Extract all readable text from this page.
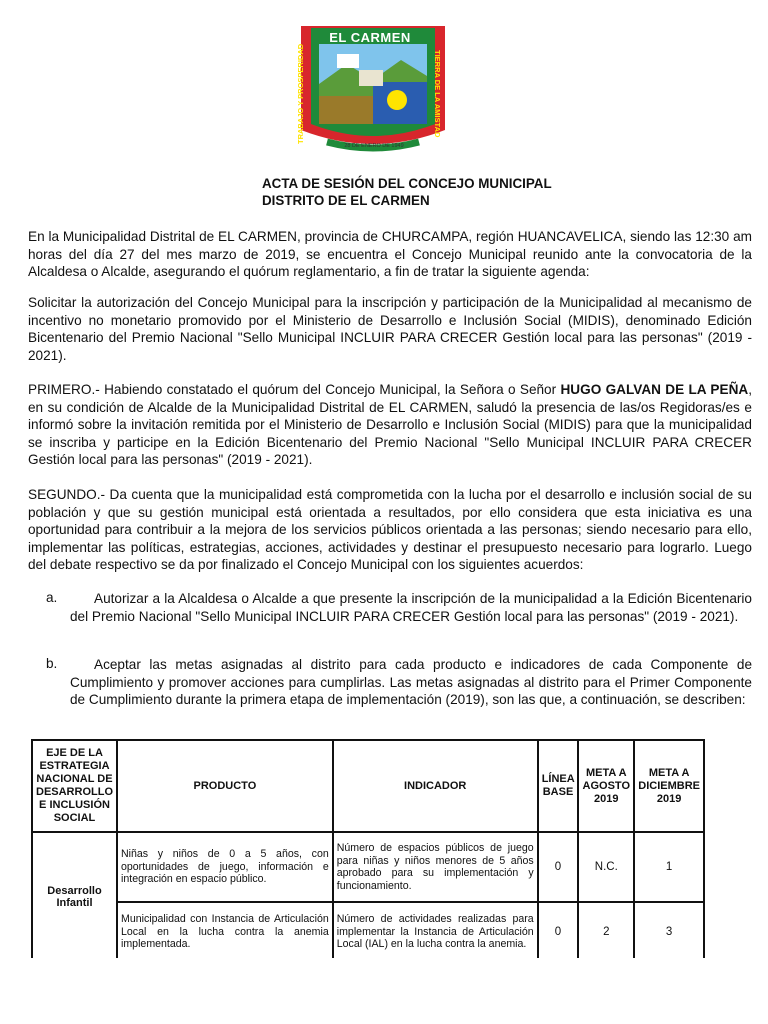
EL CARMEN
TRABAJO Y PROSPERIDAD	TIERRA DE LA AMISTAD
28 DE ENERO DE 1949
ACTA DE SESIÓN DEL CONCEJO MUNICIPAL
DISTRITO DE EL CARMEN
En la Municipalidad Distrital de EL CARMEN, provincia de CHURCAMPA, región HUANCAVELICA, siendo las 12:30 am horas del día 27 del mes marzo de 2019, se encuentra el Concejo Municipal reunido ante la convocatoria de la Alcaldesa o Alcalde, asegurando el quórum reglamentario, a fin de tratar la siguiente agenda:
Solicitar la autorización del Concejo Municipal para la inscripción y participación de la Municipalidad al mecanismo de incentivo no monetario promovido por el Ministerio de Desarrollo e Inclusión Social (MIDIS), denominado Edición Bicentenario del Premio Nacional "Sello Municipal INCLUIR PARA CRECER Gestión local para las personas" (2019 - 2021).
PRIMERO.- Habiendo constatado el quórum del Concejo Municipal, la Señora o Señor HUGO GALVAN DE LA PEÑA, en su condición de Alcalde de la Municipalidad Distrital de EL CARMEN, saludó la presencia de las/os Regidoras/es e informó sobre la invitación remitida por el Ministerio de Desarrollo e Inclusión Social (MIDIS) para que la municipalidad se inscriba y participe en la Edición Bicentenario del Premio Nacional "Sello Municipal INCLUIR PARA CRECER Gestión local para las personas" (2019 - 2021).
SEGUNDO.- Da cuenta que la municipalidad está comprometida con la lucha por el desarrollo e inclusión social de su población y que su gestión municipal está orientada a resultados, por ello considera que esta iniciativa es una oportunidad para contribuir a la mejora de los servicios públicos orientada a las personas; siendo necesario para ello, implementar las políticas, estrategias, acciones, actividades y destinar el presupuesto necesario para lograrlo. Luego del debate respectivo se da por finalizado el Concejo Municipal con los siguientes acuerdos:
a.	Autorizar a la Alcaldesa o Alcalde a que presente la inscripción de la municipalidad a la Edición Bicentenario del Premio Nacional "Sello Municipal INCLUIR PARA CRECER Gestión local para las personas" (2019 - 2021).
b.	Aceptar las metas asignadas al distrito para cada producto e indicadores de cada Componente de Cumplimiento y promover acciones para cumplirlas. Las metas asignadas al distrito para el Primer Componente de Cumplimiento durante la primera etapa de implementación (2019), son las que, a continuación, se describen:
EJE DE LA ESTRATEGIA NACIONAL DE DESARROLLO E INCLUSIÓN SOCIAL	PRODUCTO	INDICADOR	LÍNEA BASE	META A AGOSTO 2019	META A DICIEMBRE 2019
Desarrollo Infantil	Niñas y niños de 0 a 5 años, con oportunidades de juego, información e integración en espacio público.	Número de espacios públicos de juego para niñas y niños menores de 5 años aprobado para su implementación y funcionamiento.	0	N.C.	1
	Municipalidad con Instancia de Articulación Local en la lucha contra la anemia implementada.	Número de actividades realizadas para implementar la Instancia de Articulación Local (IAL) en la lucha contra la anemia.	0	2	3
